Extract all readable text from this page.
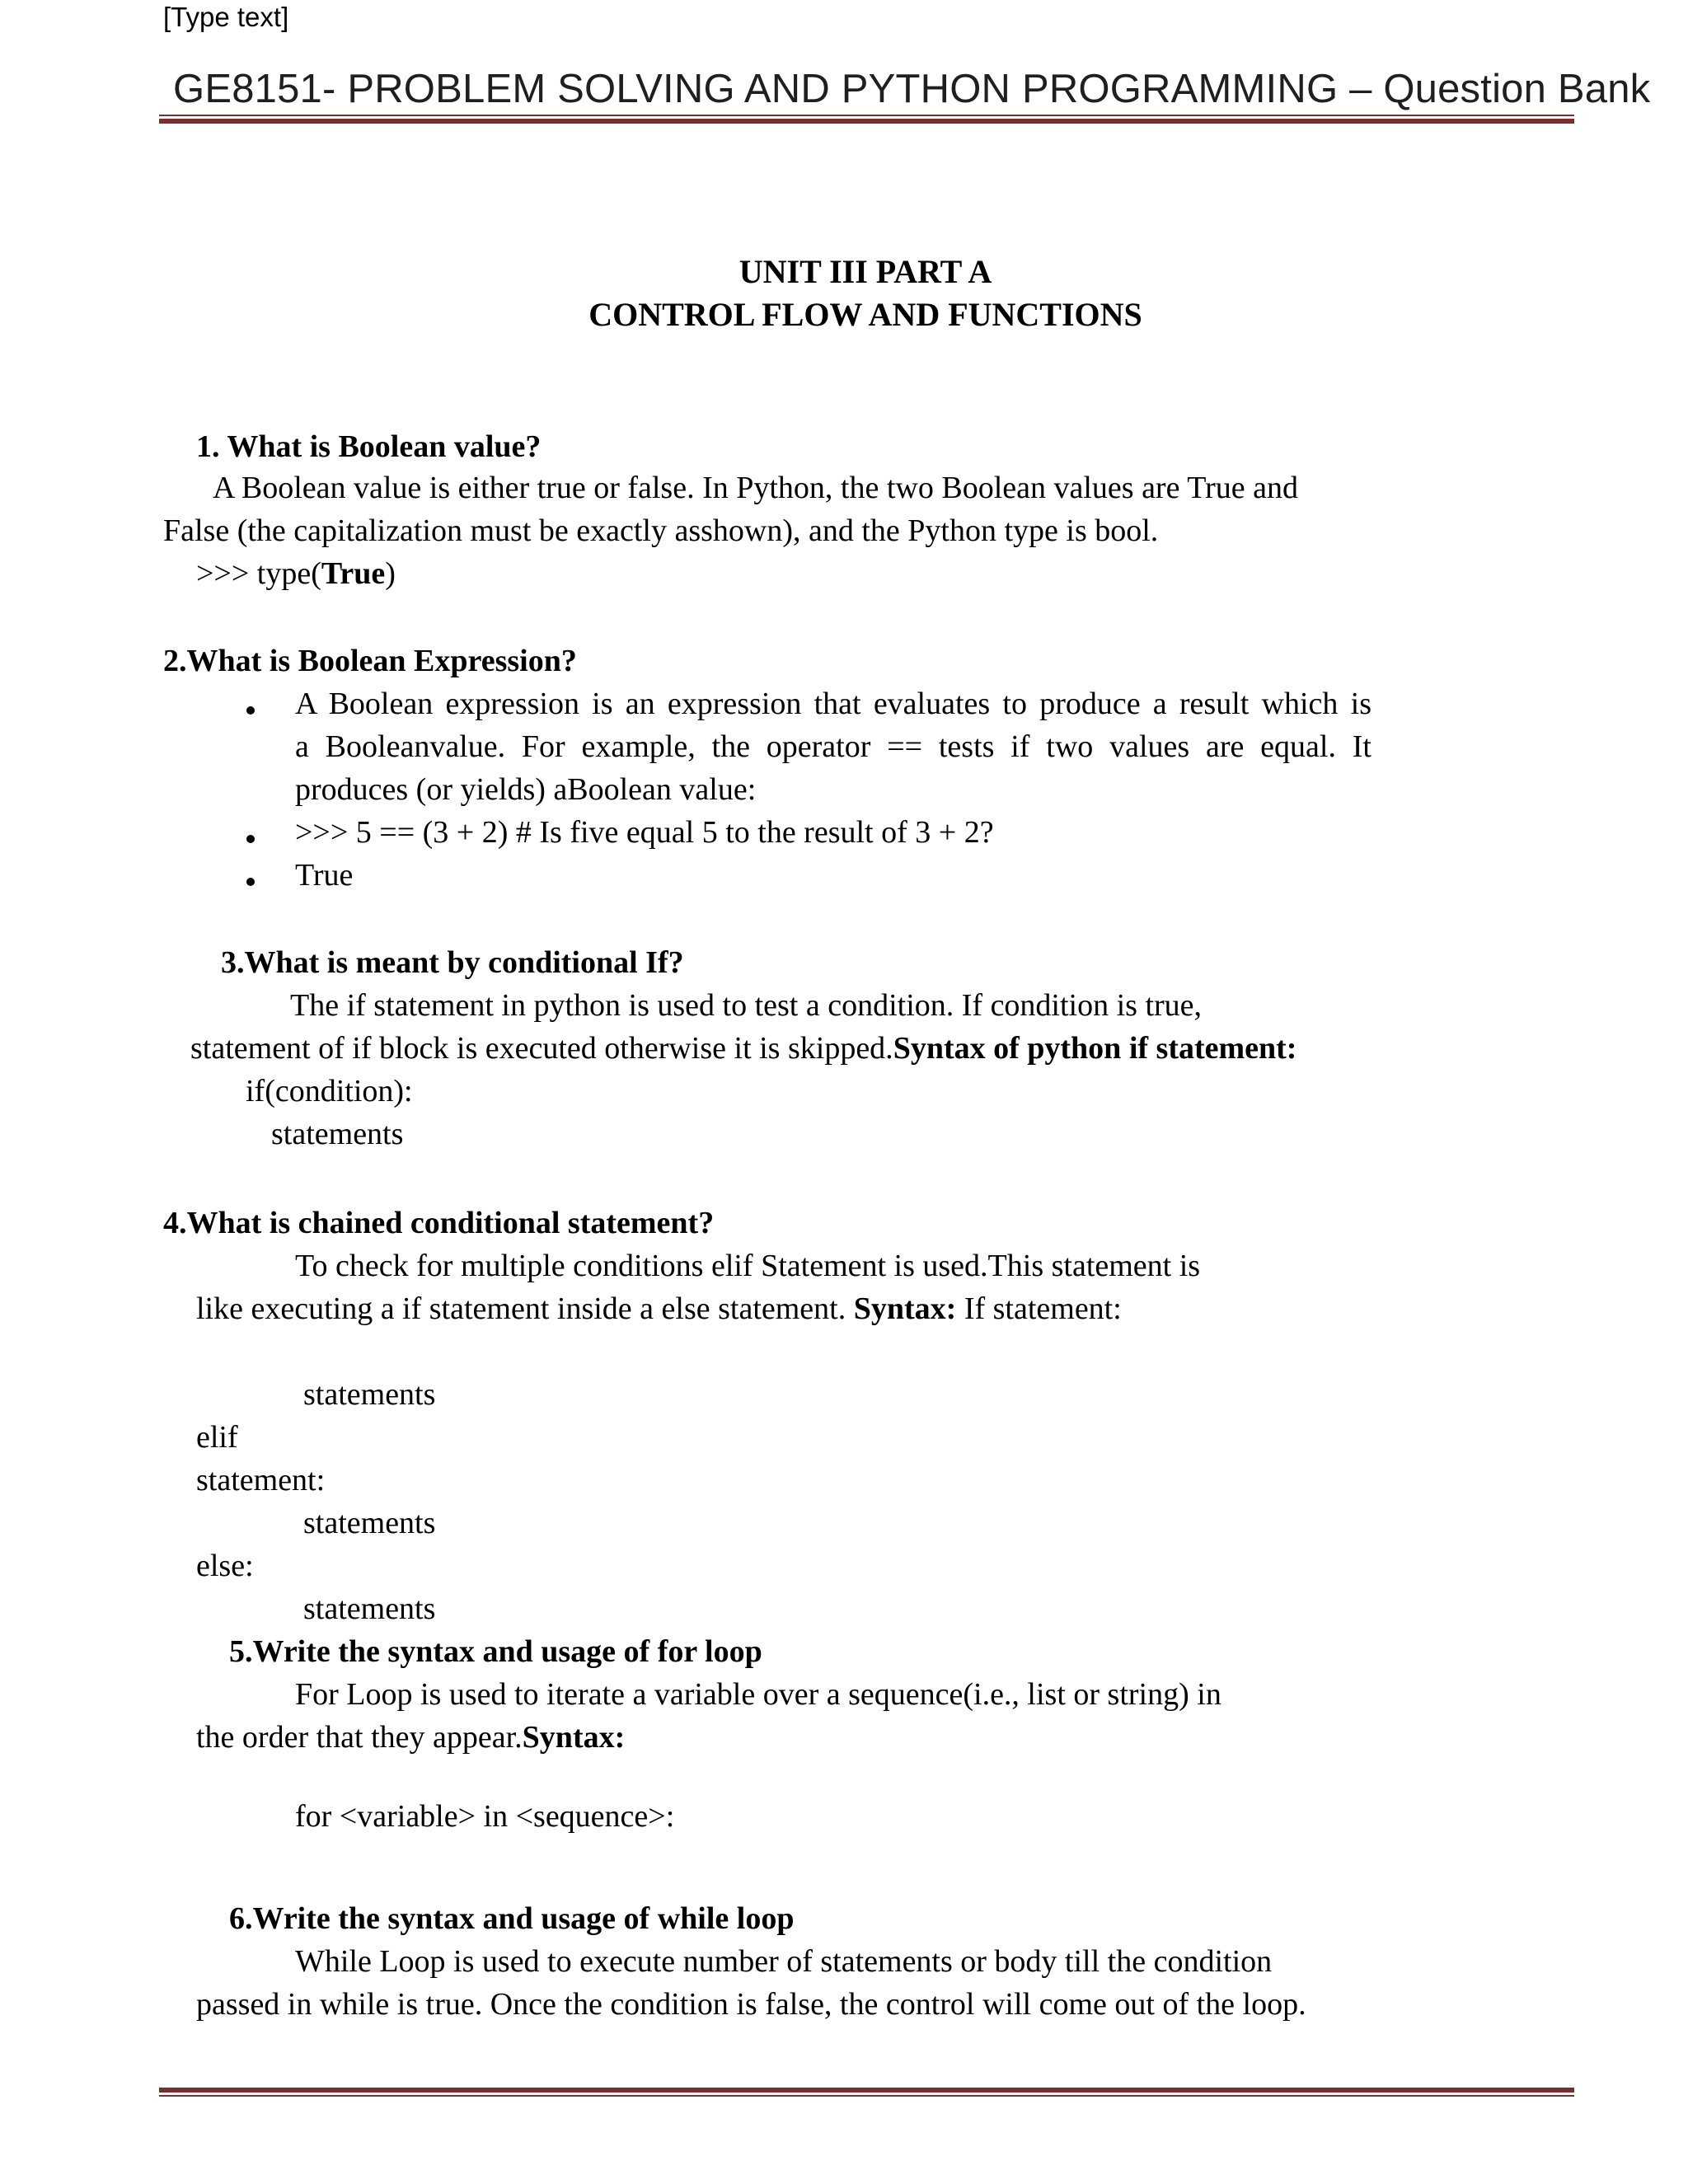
[Type text]
GE8151- PROBLEM SOLVING AND PYTHON PROGRAMMING – Question Bank
UNIT III PART A
CONTROL FLOW AND FUNCTIONS
1. What is Boolean value?
A Boolean value is either true or false. In Python, the two Boolean values are True and
False (the capitalization must be exactly asshown), and the Python type is bool.
>>> type(True)
2.What is Boolean Expression?
A Boolean expression is an expression that evaluates to produce a result which is
a Booleanvalue. For example, the operator == tests if two values are equal. It
produces (or yields) aBoolean value:
>>> 5 == (3 + 2) # Is five equal 5 to the result of 3 + 2?
True
3.What is meant by conditional If?
The if statement in python is used to test a condition. If condition is true,
statement of if block is executed otherwise it is skipped.Syntax of python if statement:
if(condition):
statements
4.What is chained conditional statement?
To check for multiple conditions elif Statement is used.This statement is
like executing a if statement inside a else statement. Syntax: If statement:
statements
elif
statement:
statements
else:
statements
5.Write the syntax and usage of for loop
For Loop is used to iterate a variable over a sequence(i.e., list or string) in
the order that they appear.Syntax:
for <variable> in <sequence>:
6.Write the syntax and usage of while loop
While Loop is used to execute number of statements or body till the condition
passed in while is true. Once the condition is false, the control will come out of the loop.
